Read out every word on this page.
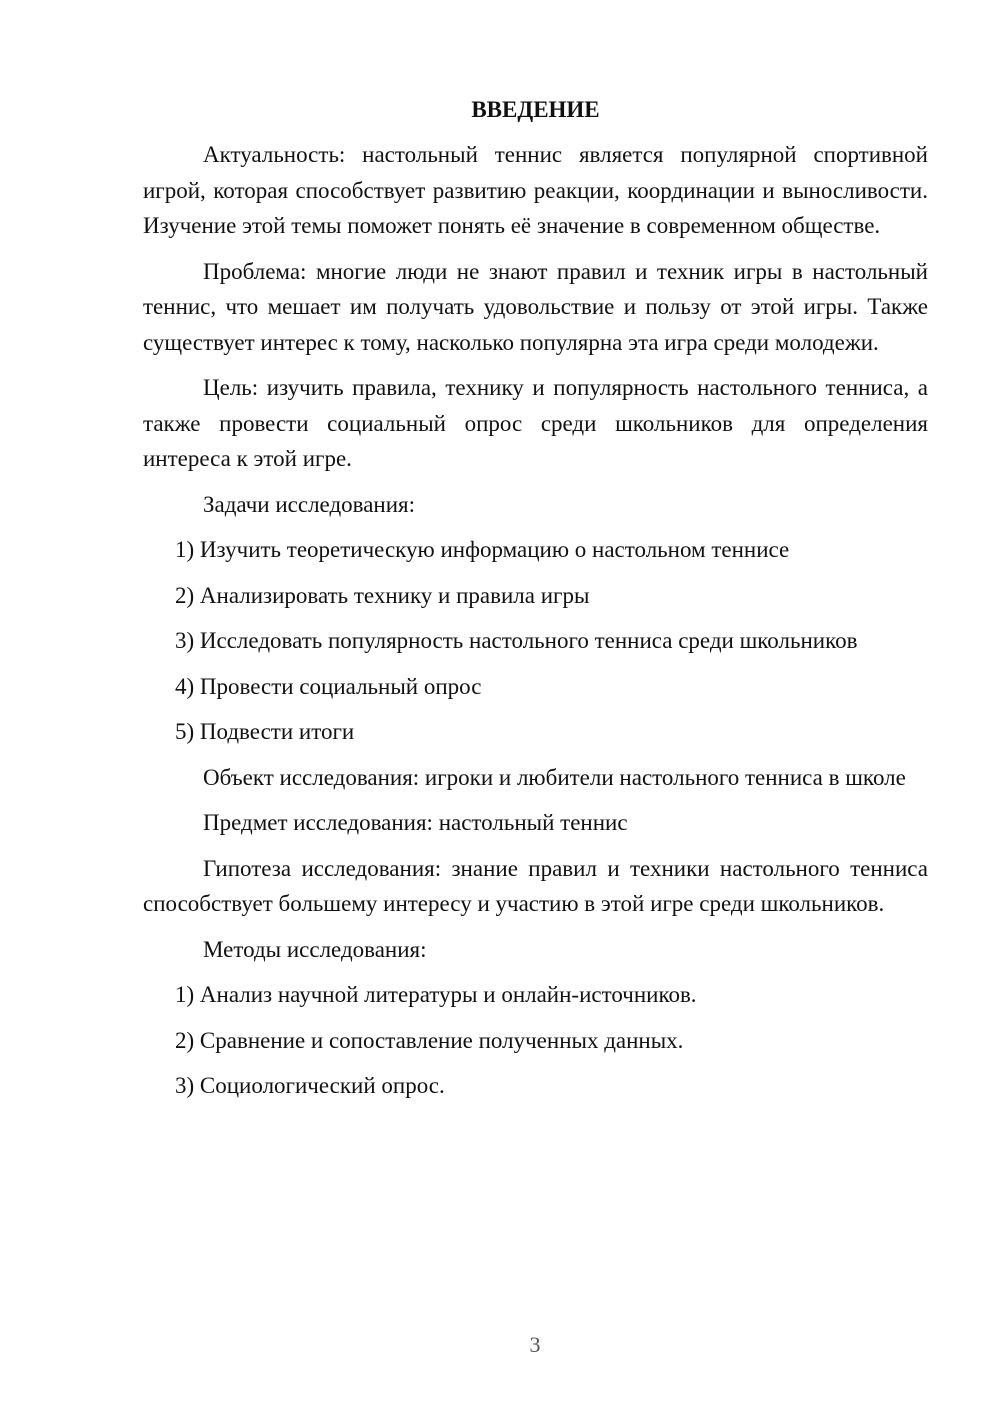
ВВЕДЕНИЕ

Актуальность: настольный теннис является популярной спортивной игрой, которая способствует развитию реакции, координации и выносливости. Изучение этой темы поможет понять её значение в современном обществе.

Проблема: многие люди не знают правил и техник игры в настольный теннис, что мешает им получать удовольствие и пользу от этой игры. Также существует интерес к тому, насколько популярна эта игра среди молодежи.

Цель: изучить правила, технику и популярность настольного тенниса, а также провести социальный опрос среди школьников для определения интереса к этой игре.

Задачи исследования:

1) Изучить теоретическую информацию о настольном теннисе
2) Анализировать технику и правила игры
3) Исследовать популярность настольного тенниса среди школьников
4) Провести социальный опрос
5) Подвести итоги

Объект исследования: игроки и любители настольного тенниса в школе

Предмет исследования: настольный теннис

Гипотеза исследования: знание правил и техники настольного тенниса способствует большему интересу и участию в этой игре среди школьников.

Методы исследования:

1) Анализ научной литературы и онлайн-источников.
2) Сравнение и сопоставление полученных данных.
3) Социологический опрос.
3
